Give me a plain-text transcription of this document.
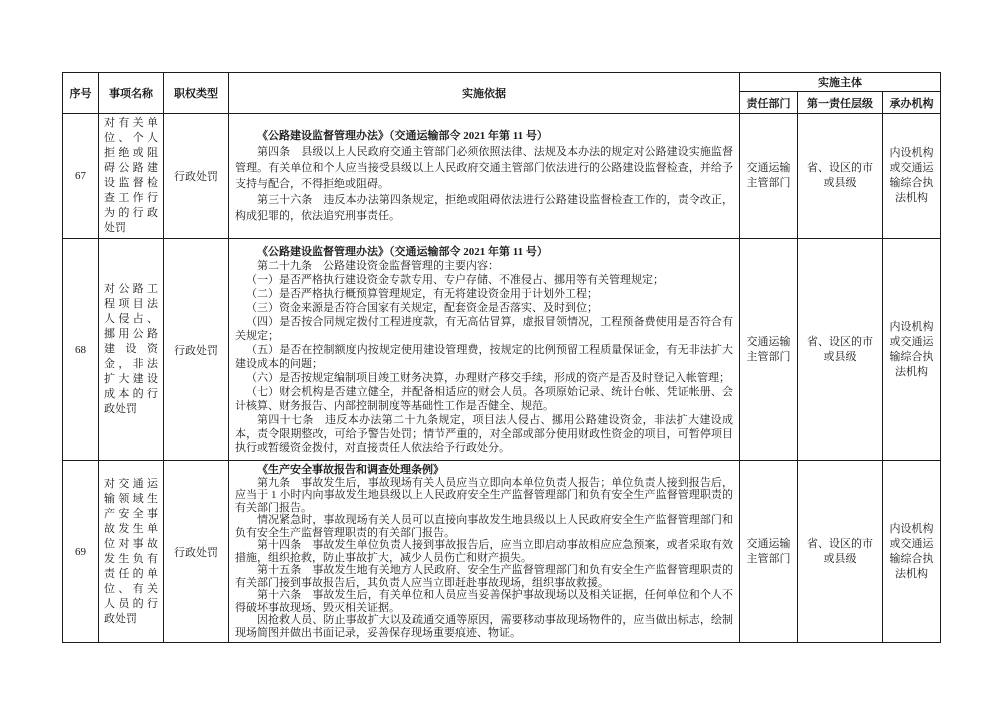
序号	事项名称	职权类型	实施依据	实施主体		
				责任部门	第一责任层级	承办机构
67	对有关单位、个人拒绝或阻碍公路建设监督检查工作行为的行政处罚	行政处罚	《公路建设监督管理办法》（交通运输部令 2021 年第 11 号）

第四条　县级以上人民政府交通主管部门必须依照法律、法规及本办法的规定对公路建设实施监督管理。有关单位和个人应当接受县级以上人民政府交通主管部门依法进行的公路建设监督检查，并给予支持与配合，不得拒绝或阻碍。

第三十六条　违反本办法第四条规定，拒绝或阻碍依法进行公路建设监督检查工作的，责令改正，构成犯罪的，依法追究刑事责任。	交通运输主管部门	省、设区的市或县级	内设机构或交通运输综合执法机构
68	对公路工程项目法人侵占、挪用公路建设资金，非法扩大建设成本的行政处罚	行政处罚	

《公路建设监督管理办法》（交通运输部令 2021 年第 11 号）

第二十九条　公路建设资金监督管理的主要内容：

（一）是否严格执行建设资金专款专用、专户存储、不准侵占、挪用等有关管理规定；

（二）是否严格执行概预算管理规定，有无将建设资金用于计划外工程；

（三）资金来源是否符合国家有关规定，配套资金是否落实、及时到位；

（四）是否按合同规定拨付工程进度款，有无高估冒算，虚报冒领情况，工程预备费使用是否符合有关规定；

（五）是否在控制额度内按规定使用建设管理费，按规定的比例预留工程质量保证金，有无非法扩大建设成本的问题；

（六）是否按规定编制项目竣工财务决算，办理财产移交手续，形成的资产是否及时登记入帐管理；

（七）财会机构是否建立健全，并配备相适应的财会人员。各项原始记录、统计台帐、凭证帐册、会计核算、财务报告、内部控制制度等基础性工作是否健全、规范。

第四十七条　违反本办法第二十九条规定，项目法人侵占、挪用公路建设资金，非法扩大建设成本，责令限期整改，可给予警告处罚；情节严重的，对全部或部分使用财政性资金的项目，可暂停项目执行或暂缓资金拨付，对直接责任人依法给予行政处分。

	交通运输主管部门	省、设区的市或县级	内设机构或交通运输综合执法机构
69	对交通运输领域生产安全事故发生单位对事故发生负有责任的单位、有关人员的行政处罚	行政处罚	

《生产安全事故报告和调查处理条例》

第九条　事故发生后，事故现场有关人员应当立即向本单位负责人报告；单位负责人接到报告后，应当于 1 小时内向事故发生地县级以上人民政府安全生产监督管理部门和负有安全生产监督管理职责的有关部门报告。

情况紧急时，事故现场有关人员可以直接向事故发生地县级以上人民政府安全生产监督管理部门和负有安全生产监督管理职责的有关部门报告。

第十四条　事故发生单位负责人接到事故报告后，应当立即启动事故相应应急预案，或者采取有效措施，组织抢救，防止事故扩大，减少人员伤亡和财产损失。

第十五条　事故发生地有关地方人民政府、安全生产监督管理部门和负有安全生产监督管理职责的有关部门接到事故报告后，其负责人应当立即赶赴事故现场，组织事故救援。

第十六条　事故发生后，有关单位和人员应当妥善保护事故现场以及相关证据，任何单位和个人不得破坏事故现场、毁灭相关证据。

因抢救人员、防止事故扩大以及疏通交通等原因，需要移动事故现场物件的，应当做出标志，绘制现场简图并做出书面记录，妥善保存现场重要痕迹、物证。

	交通运输主管部门	省、设区的市或县级	内设机构或交通运输综合执法机构
